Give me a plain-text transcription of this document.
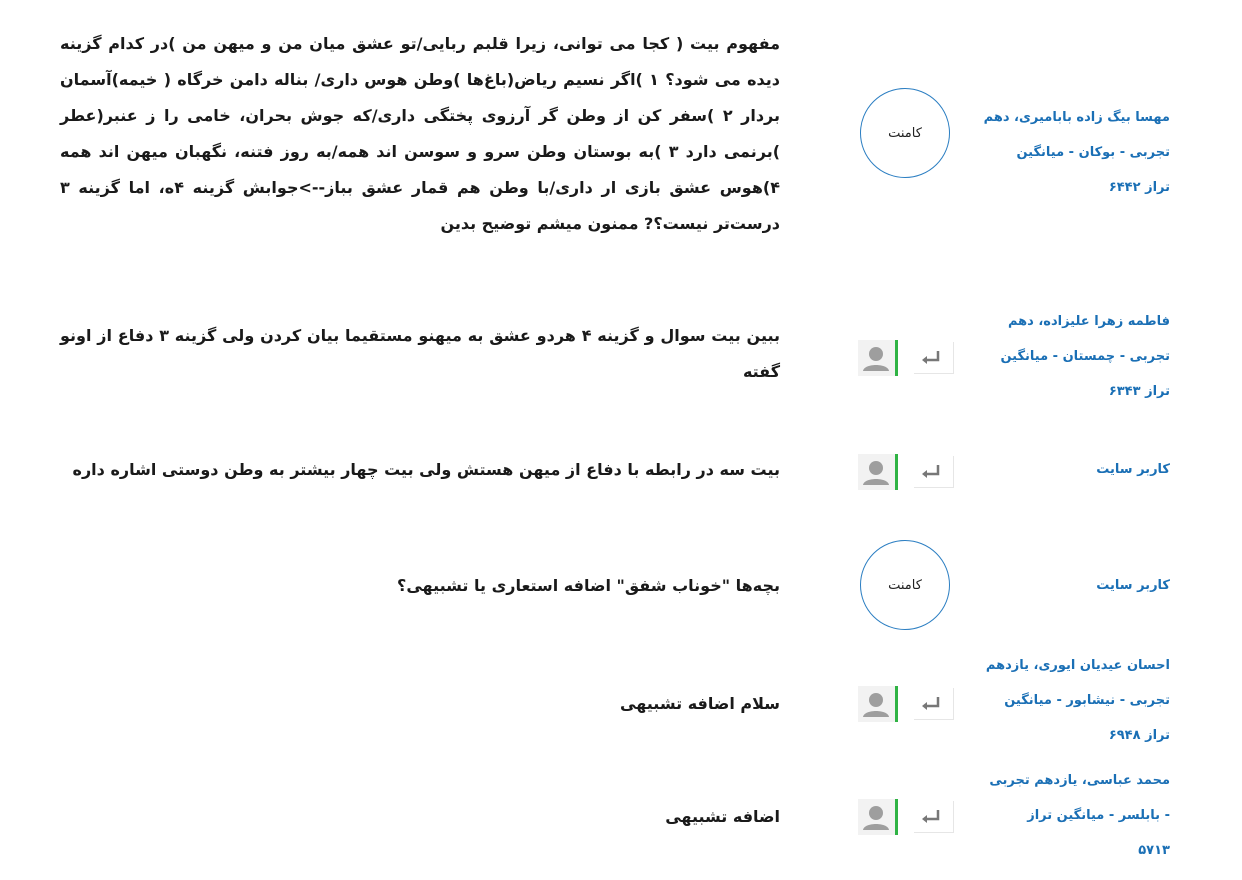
مفهوم بیت ( کجا می توانی، زیرا قلبم ربایی/تو عشق میان من و میهن من )در کدام گزینه دیده می شود؟ ۱ )اگر نسیم ریاض(باغ‌ها )وطن هوس داری/ بناله دامن خرگاه ( خیمه)آسمان بردار ۲ )سفر کن از وطن گر آرزوی پختگی داری/که جوش بحران، خامی را ز عنبر(عطر )برنمی دارد ۳ )به بوستان وطن سرو و سوسن اند همه/به روز فتنه، نگهبان میهن اند همه ۴)هوس عشق بازی ار داری/با وطن هم قمار عشق بباز-->جوابش گزینه ۴ه، اما گزینه ۳ درست‌تر نیست؟? ممنون میشم توضیح بدین
کامنت
مهسا بیگ زاده بابامیری، دهم
تجربی - بوکان - میانگین
تراز ۶۴۴۲
ببین بیت سوال و گزینه ۴ هردو عشق به میهنو مستقیما بیان کردن ولی گزینه ۳ دفاع از اونو گفته
فاطمه زهرا علیزاده، دهم
تجربی - چمستان - میانگین
تراز ۶۳۴۳
بیت سه در رابطه با دفاع از میهن هستش ولی بیت چهار بیشتر به وطن دوستی اشاره داره	کاربر سایت
بچه‌ها "خوناب شفق" اضافه استعاری یا تشبیهی؟	کامنت	کاربر سایت
سلام اضافه تشبیهی
احسان عیدیان ایوری، یازدهم
تجربی - نیشابور - میانگین
تراز ۶۹۴۸
اضافه تشبیهی
محمد عباسی، یازدهم تجربی
- بابلسر - میانگین تراز
۵۷۱۳
